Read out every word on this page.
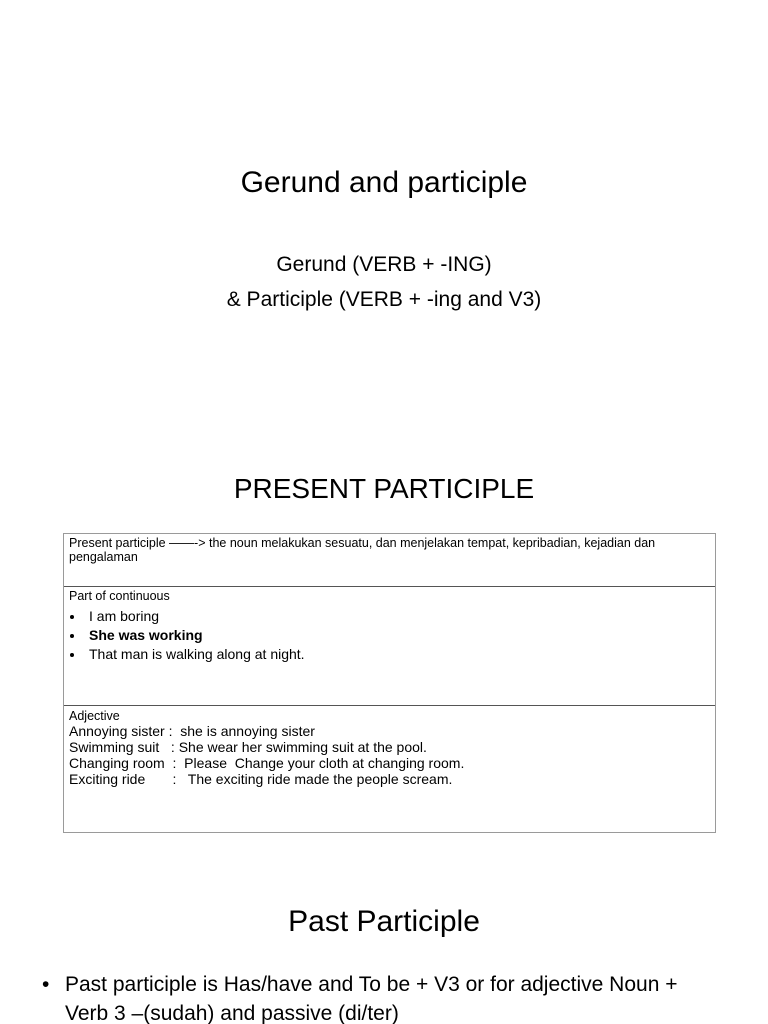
Gerund and participle
Gerund (VERB + -ING)
& Participle (VERB + -ing and V3)
PRESENT PARTICIPLE
Present participle ——-> the noun melakukan sesuatu, dan menjelakan tempat, kepribadian, kejadian dan pengalaman
Part of continuous
• I am boring
• She was working
• That man is walking along at night.
Adjective
Annoying sister :  she is annoying sister
Swimming suit   : She wear her swimming suit at the pool.
Changing room  :  Please  Change your cloth at changing room.
Exciting ride       :   The exciting ride made the people scream.
Past Participle
• Past participle is Has/have and To be + V3 or for adjective Noun + Verb 3 –(sudah) and passive (di/ter)
